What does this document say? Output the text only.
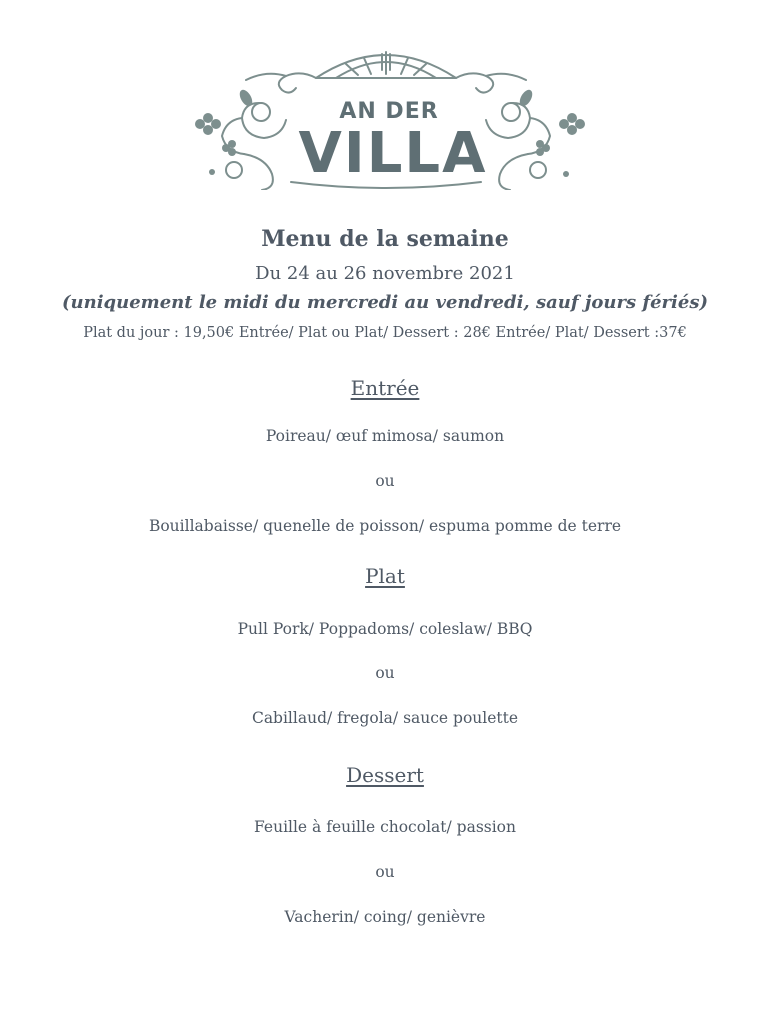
AN DER
VILLA
Menu de la semaine
Du 24 au 26 novembre 2021
(uniquement le midi du mercredi au vendredi, sauf jours fériés)
Plat du jour : 19,50€ Entrée/ Plat ou Plat/ Dessert : 28€ Entrée/ Plat/ Dessert :37€
Entrée
Poireau/ œuf mimosa/ saumon
ou
Bouillabaisse/ quenelle de poisson/ espuma pomme de terre
Plat
Pull Pork/ Poppadoms/ coleslaw/ BBQ
ou
Cabillaud/ fregola/ sauce poulette
Dessert
Feuille à feuille chocolat/ passion
ou
Vacherin/ coing/ genièvre
